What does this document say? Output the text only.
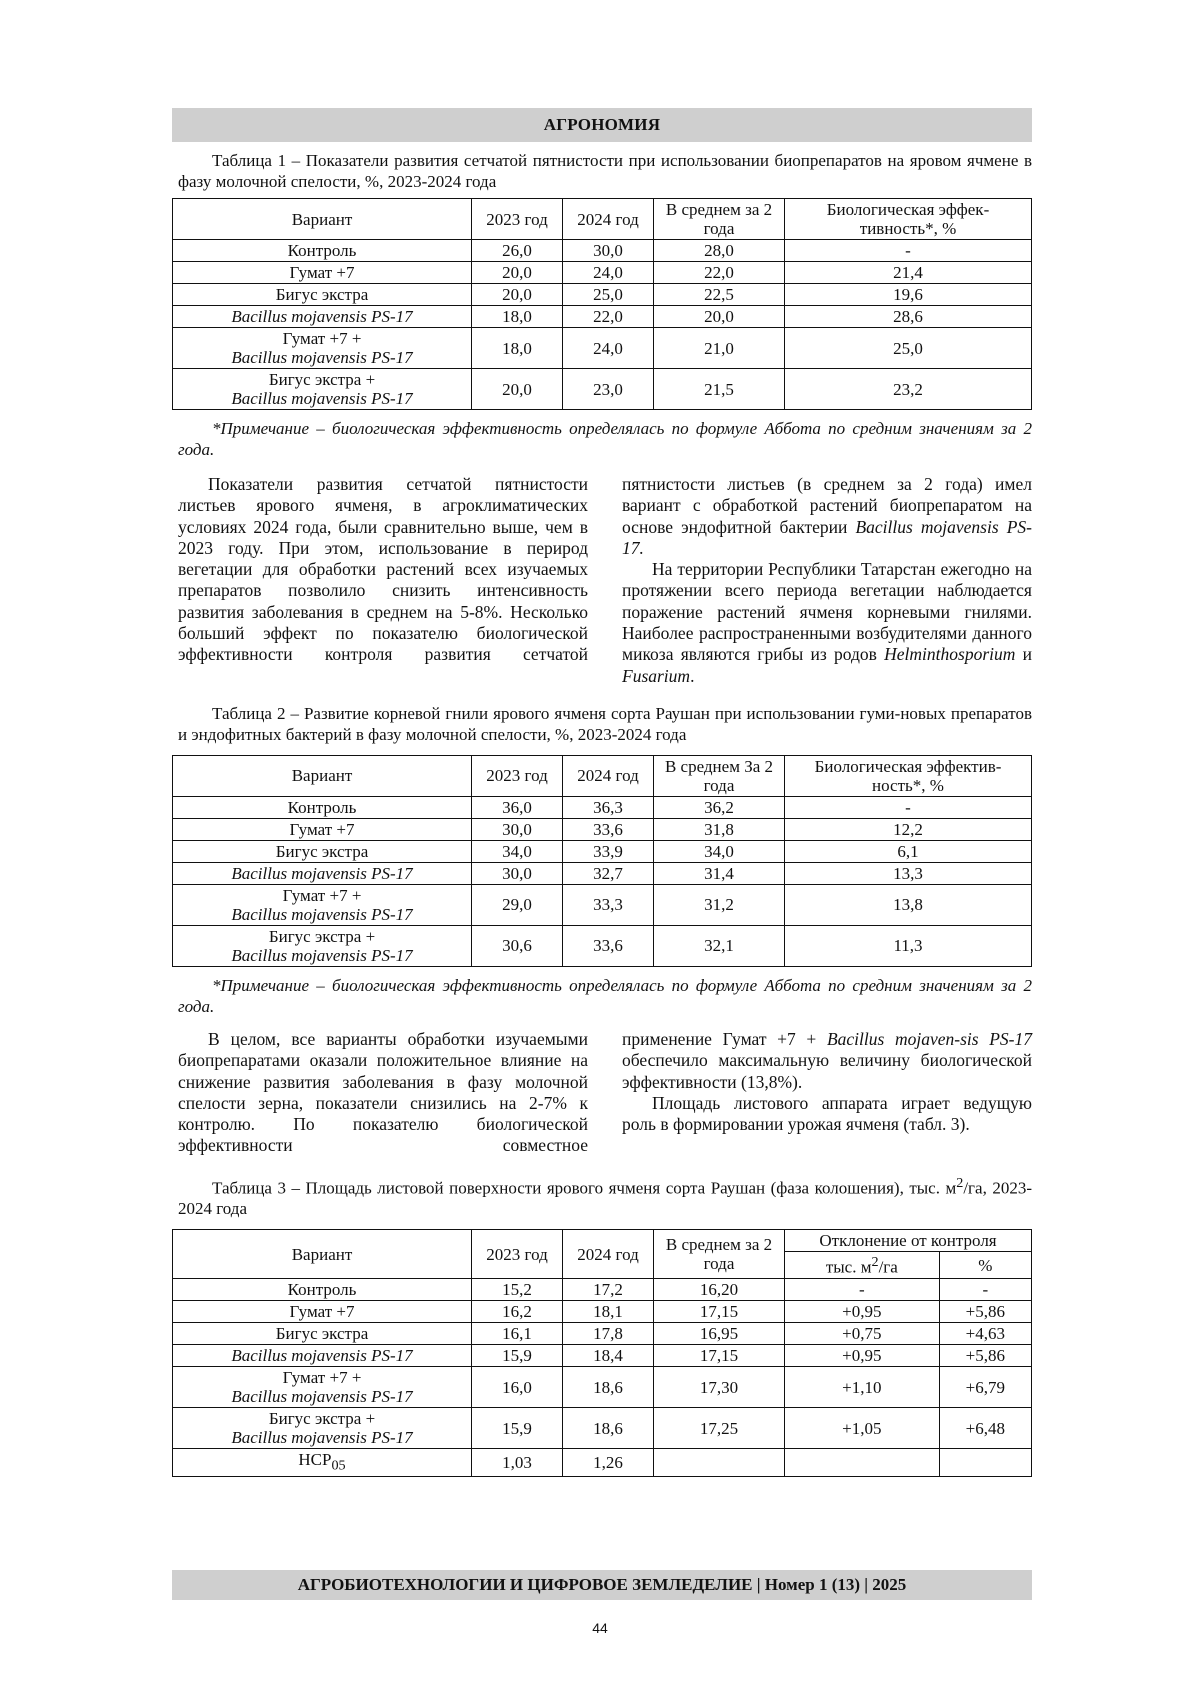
АГРОНОМИЯ

Таблица 1 – Показатели развития сетчатой пятнистости при использовании биопрепаратов на яровом ячмене в фазу молочной спелости, %, 2023-2024 года

Вариант	2023 год	2024 год	В среднем за 2 года	Биологическая эффек-тивность*, %
Контроль	26,0	30,0	28,0	-
Гумат +7	20,0	24,0	22,0	21,4
Бигус экстра	20,0	25,0	22,5	19,6
Bacillus mojavensis PS-17	18,0	22,0	20,0	28,6
Гумат +7 +
Bacillus mojavensis PS-17	18,0	24,0	21,0	25,0
Бигус экстра +
Bacillus mojavensis PS-17	20,0	23,0	21,5	23,2

*Примечание – биологическая эффективность определялась по формуле Аббота по средним значениям за 2 года.

Показатели развития сетчатой пятнистости листьев ярового ячменя, в агроклиматических условиях 2024 года, были сравнительно выше, чем в 2023 году. При этом, использование в перирод вегетации для обработки растений всех изучаемых препаратов позволило снизить интенсивность развития заболевания в среднем на 5-8%. Несколько больший эффект по показателю биологической эффективности контроля развития сетчатой

пятнистости листьев (в среднем за 2 года) имел вариант с обработкой растений биопрепаратом на основе эндофитной бактерии Bacillus mojavensis PS-17.

На территории Республики Татарстан ежегодно на протяжении всего периода вегетации наблюдается поражение растений ячменя корневыми гнилями. Наиболее распространенными возбудителями данного микоза являются грибы из родов Helminthosporium и Fusarium.

Таблица 2 – Развитие корневой гнили ярового ячменя сорта Раушан при использовании гуми-новых препаратов и эндофитных бактерий в фазу молочной спелости, %, 2023-2024 года

Вариант	2023 год	2024 год	В среднем За 2 года	Биологическая эффектив-ность*, %
Контроль	36,0	36,3	36,2	-
Гумат +7	30,0	33,6	31,8	12,2
Бигус экстра	34,0	33,9	34,0	6,1
Bacillus mojavensis PS-17	30,0	32,7	31,4	13,3
Гумат +7 +
Bacillus mojavensis PS-17	29,0	33,3	31,2	13,8
Бигус экстра +
Bacillus mojavensis PS-17	30,6	33,6	32,1	11,3

*Примечание – биологическая эффективность определялась по формуле Аббота по средним значениям за 2 года.

В целом, все варианты обработки изучаемыми биопрепаратами оказали положительное влияние на снижение развития заболевания в фазу молочной спелости зерна, показатели снизились на 2-7% к контролю. По показателю биологической эффективности совместное

применение Гумат +7 + Bacillus mojaven-sis PS-17 обеспечило максимальную величину биологической эффективности (13,8%).

Площадь листового аппарата играет ведущую роль в формировании урожая ячменя (табл. 3).

Таблица 3 – Площадь листовой поверхности ярового ячменя сорта Раушан (фаза колошения), тыс. $м^2/га$, 2023-2024 года

Вариант	2023 год	2024 год	В среднем за 2 года	Отклонение от контроля	
				тыс. $м^2/га$	%
Контроль	15,2	17,2	16,20	-	-
Гумат +7	16,2	18,1	17,15	+0,95	+5,86
Бигус экстра	16,1	17,8	16,95	+0,75	+4,63
Bacillus mojavensis PS-17	15,9	18,4	17,15	+0,95	+5,86
Гумат +7 +
Bacillus mojavensis PS-17	16,0	18,6	17,30	+1,10	+6,79
Бигус экстра +
Bacillus mojavensis PS-17	15,9	18,6	17,25	+1,05	+6,48
$НСР_{05}$	1,03	1,26			
АГРОБИОТЕХНОЛОГИИ И ЦИФРОВОЕ ЗЕМЛЕДЕЛИЕ | Номер 1 (13) | 2025
44
